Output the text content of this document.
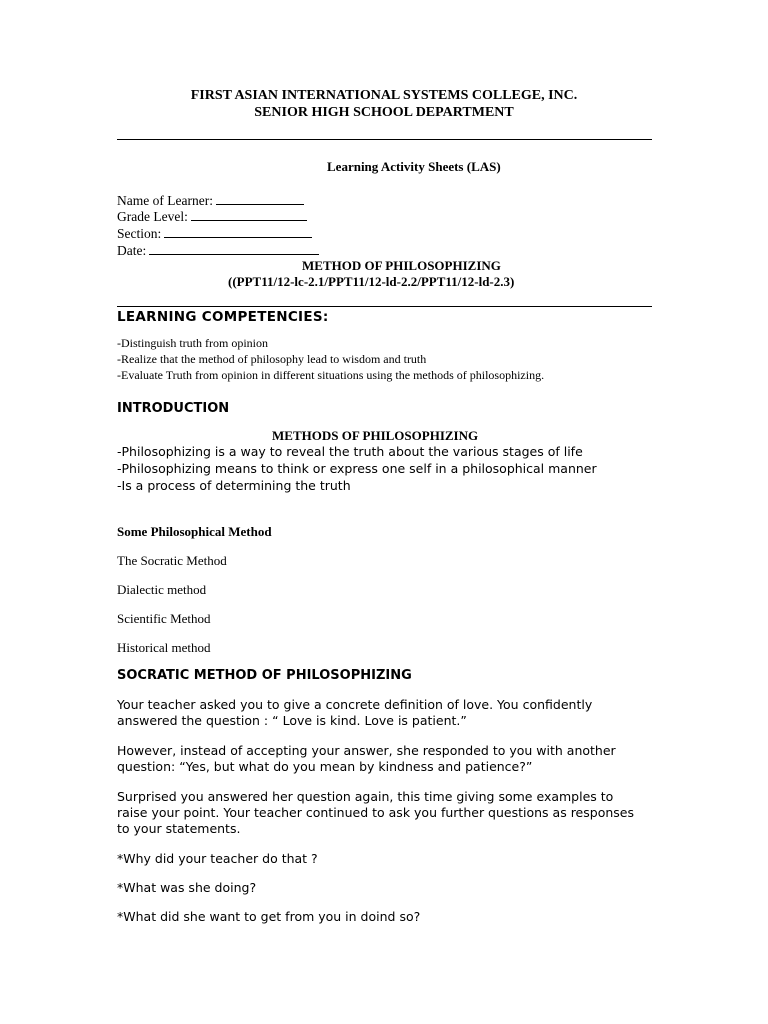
FIRST ASIAN INTERNATIONAL SYSTEMS COLLEGE, INC.
SENIOR HIGH SCHOOL DEPARTMENT
Learning Activity Sheets (LAS)
Name of Learner:
Grade Level:
Section:
Date:
METHOD OF PHILOSOPHIZING
((PPT11/12-lc-2.1/PPT11/12-ld-2.2/PPT11/12-ld-2.3)
LEARNING COMPETENCIES:
-Distinguish truth from opinion
-Realize that the method of philosophy lead to wisdom and truth
-Evaluate Truth from opinion in different situations using the methods of philosophizing.
INTRODUCTION
METHODS OF PHILOSOPHIZING
-Philosophizing is a way to reveal the truth about the various stages of life
-Philosophizing means to think or express one self in a philosophical manner
-Is a process of determining the truth
Some Philosophical Method
The Socratic Method
Dialectic method
Scientific Method
Historical method
SOCRATIC METHOD OF PHILOSOPHIZING
Your teacher asked you to give a concrete definition of love. You confidently answered the question : “ Love is kind. Love is patient.”
However, instead of accepting your answer, she responded to you with another question: “Yes, but what do you mean by kindness and patience?”
Surprised you answered her question again, this time giving some examples to raise your point. Your teacher continued to ask you further questions as responses to your statements.
*Why did your teacher do that ?
*What was she doing?
*What did she want to get from you in doind so?
